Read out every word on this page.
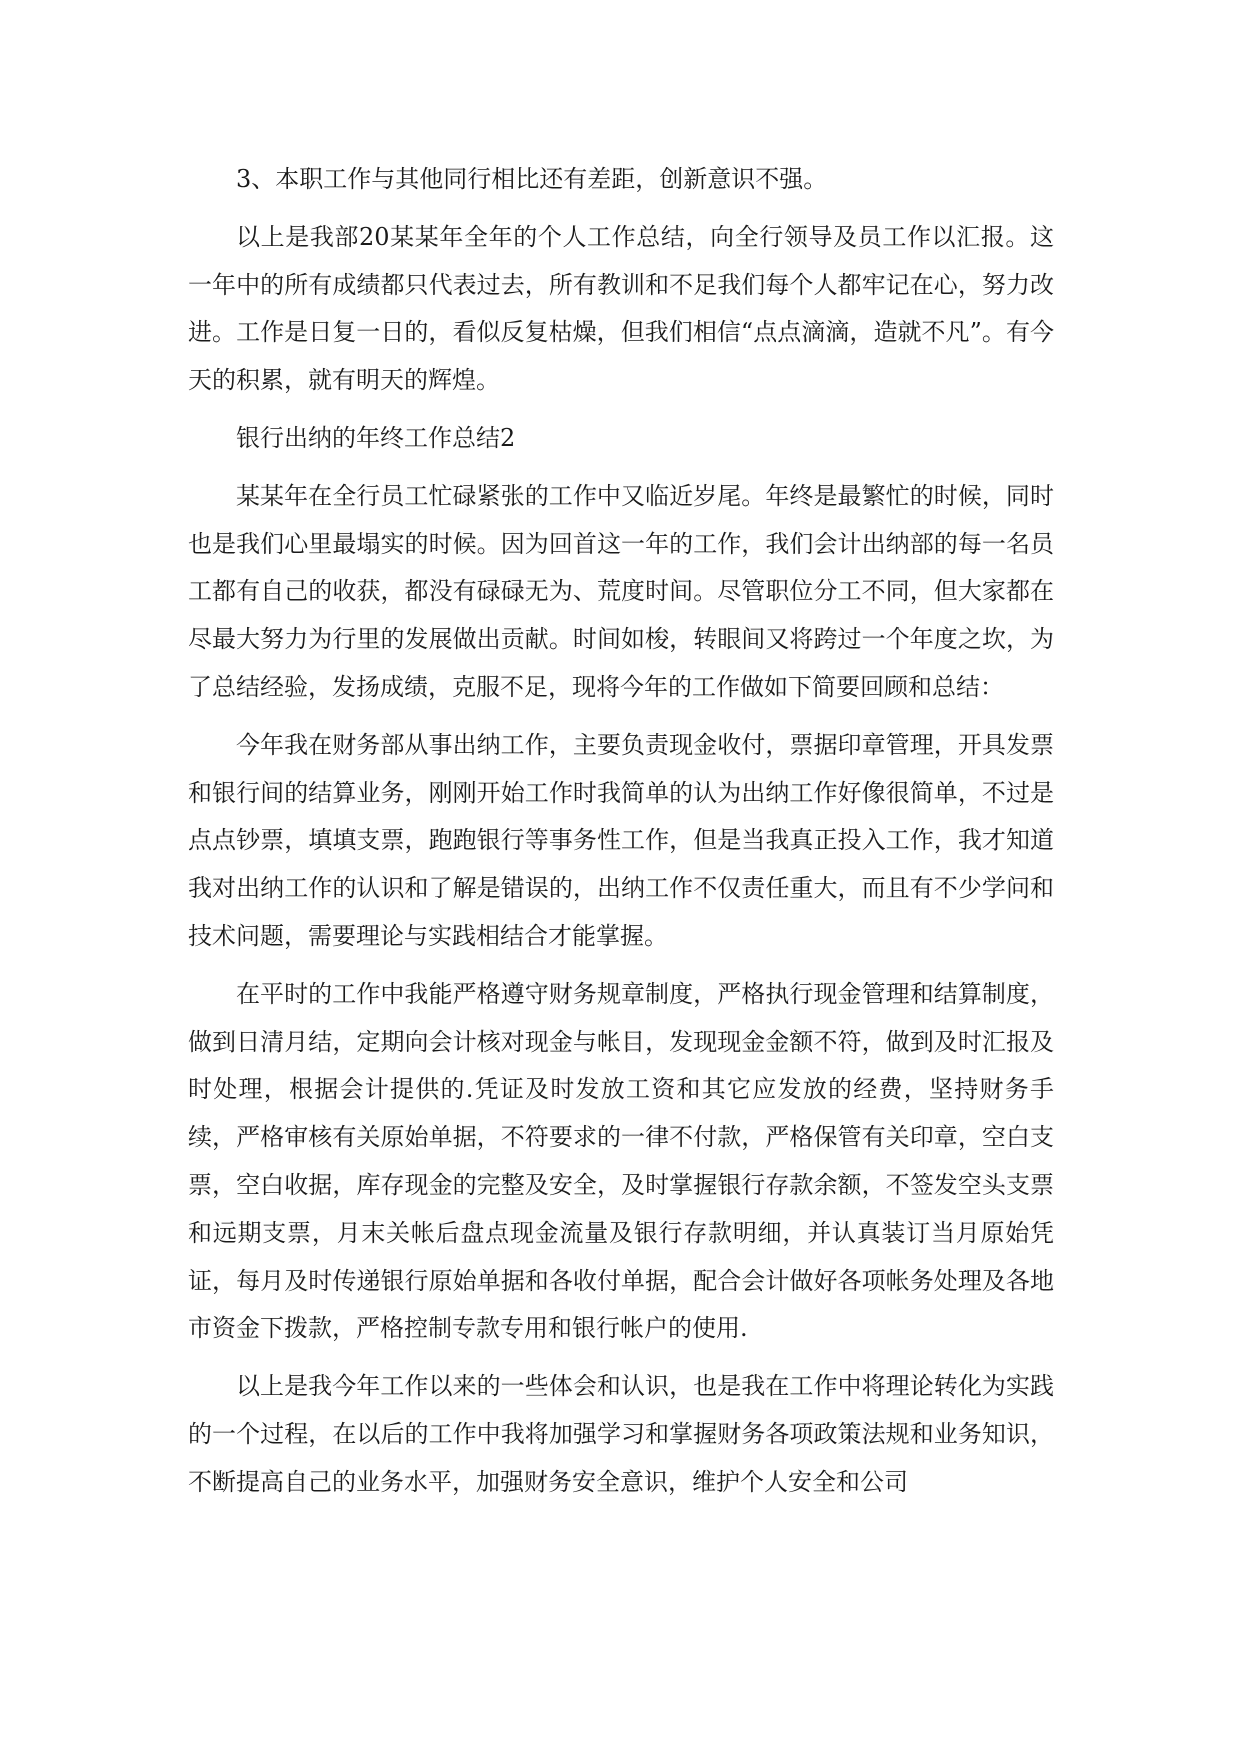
3、本职工作与其他同行相比还有差距，创新意识不强。

以上是我部20某某年全年的个人工作总结，向全行领导及员工作以汇报。这一年中的所有成绩都只代表过去，所有教训和不足我们每个人都牢记在心，努力改进。工作是日复一日的，看似反复枯燥，但我们相信“点点滴滴，造就不凡”。有今天的积累，就有明天的辉煌。

银行出纳的年终工作总结2

某某年在全行员工忙碌紧张的工作中又临近岁尾。年终是最繁忙的时候，同时也是我们心里最塌实的时候。因为回首这一年的工作，我们会计出纳部的每一名员工都有自己的收获，都没有碌碌无为、荒度时间。尽管职位分工不同，但大家都在尽最大努力为行里的发展做出贡献。时间如梭，转眼间又将跨过一个年度之坎，为了总结经验，发扬成绩，克服不足，现将今年的工作做如下简要回顾和总结：

今年我在财务部从事出纳工作，主要负责现金收付，票据印章管理，开具发票和银行间的结算业务，刚刚开始工作时我简单的认为出纳工作好像很简单，不过是点点钞票，填填支票，跑跑银行等事务性工作，但是当我真正投入工作，我才知道我对出纳工作的认识和了解是错误的，出纳工作不仅责任重大，而且有不少学问和技术问题，需要理论与实践相结合才能掌握。

在平时的工作中我能严格遵守财务规章制度，严格执行现金管理和结算制度，做到日清月结，定期向会计核对现金与帐目，发现现金金额不符，做到及时汇报及时处理，根据会计提供的.凭证及时发放工资和其它应发放的经费，坚持财务手续，严格审核有关原始单据，不符要求的一律不付款，严格保管有关印章，空白支票，空白收据，库存现金的完整及安全，及时掌握银行存款余额，不签发空头支票和远期支票，月末关帐后盘点现金流量及银行存款明细，并认真装订当月原始凭证，每月及时传递银行原始单据和各收付单据，配合会计做好各项帐务处理及各地市资金下拨款，严格控制专款专用和银行帐户的使用.

以上是我今年工作以来的一些体会和认识，也是我在工作中将理论转化为实践的一个过程，在以后的工作中我将加强学习和掌握财务各项政策法规和业务知识，不断提高自己的业务水平，加强财务安全意识，维护个人安全和公司
